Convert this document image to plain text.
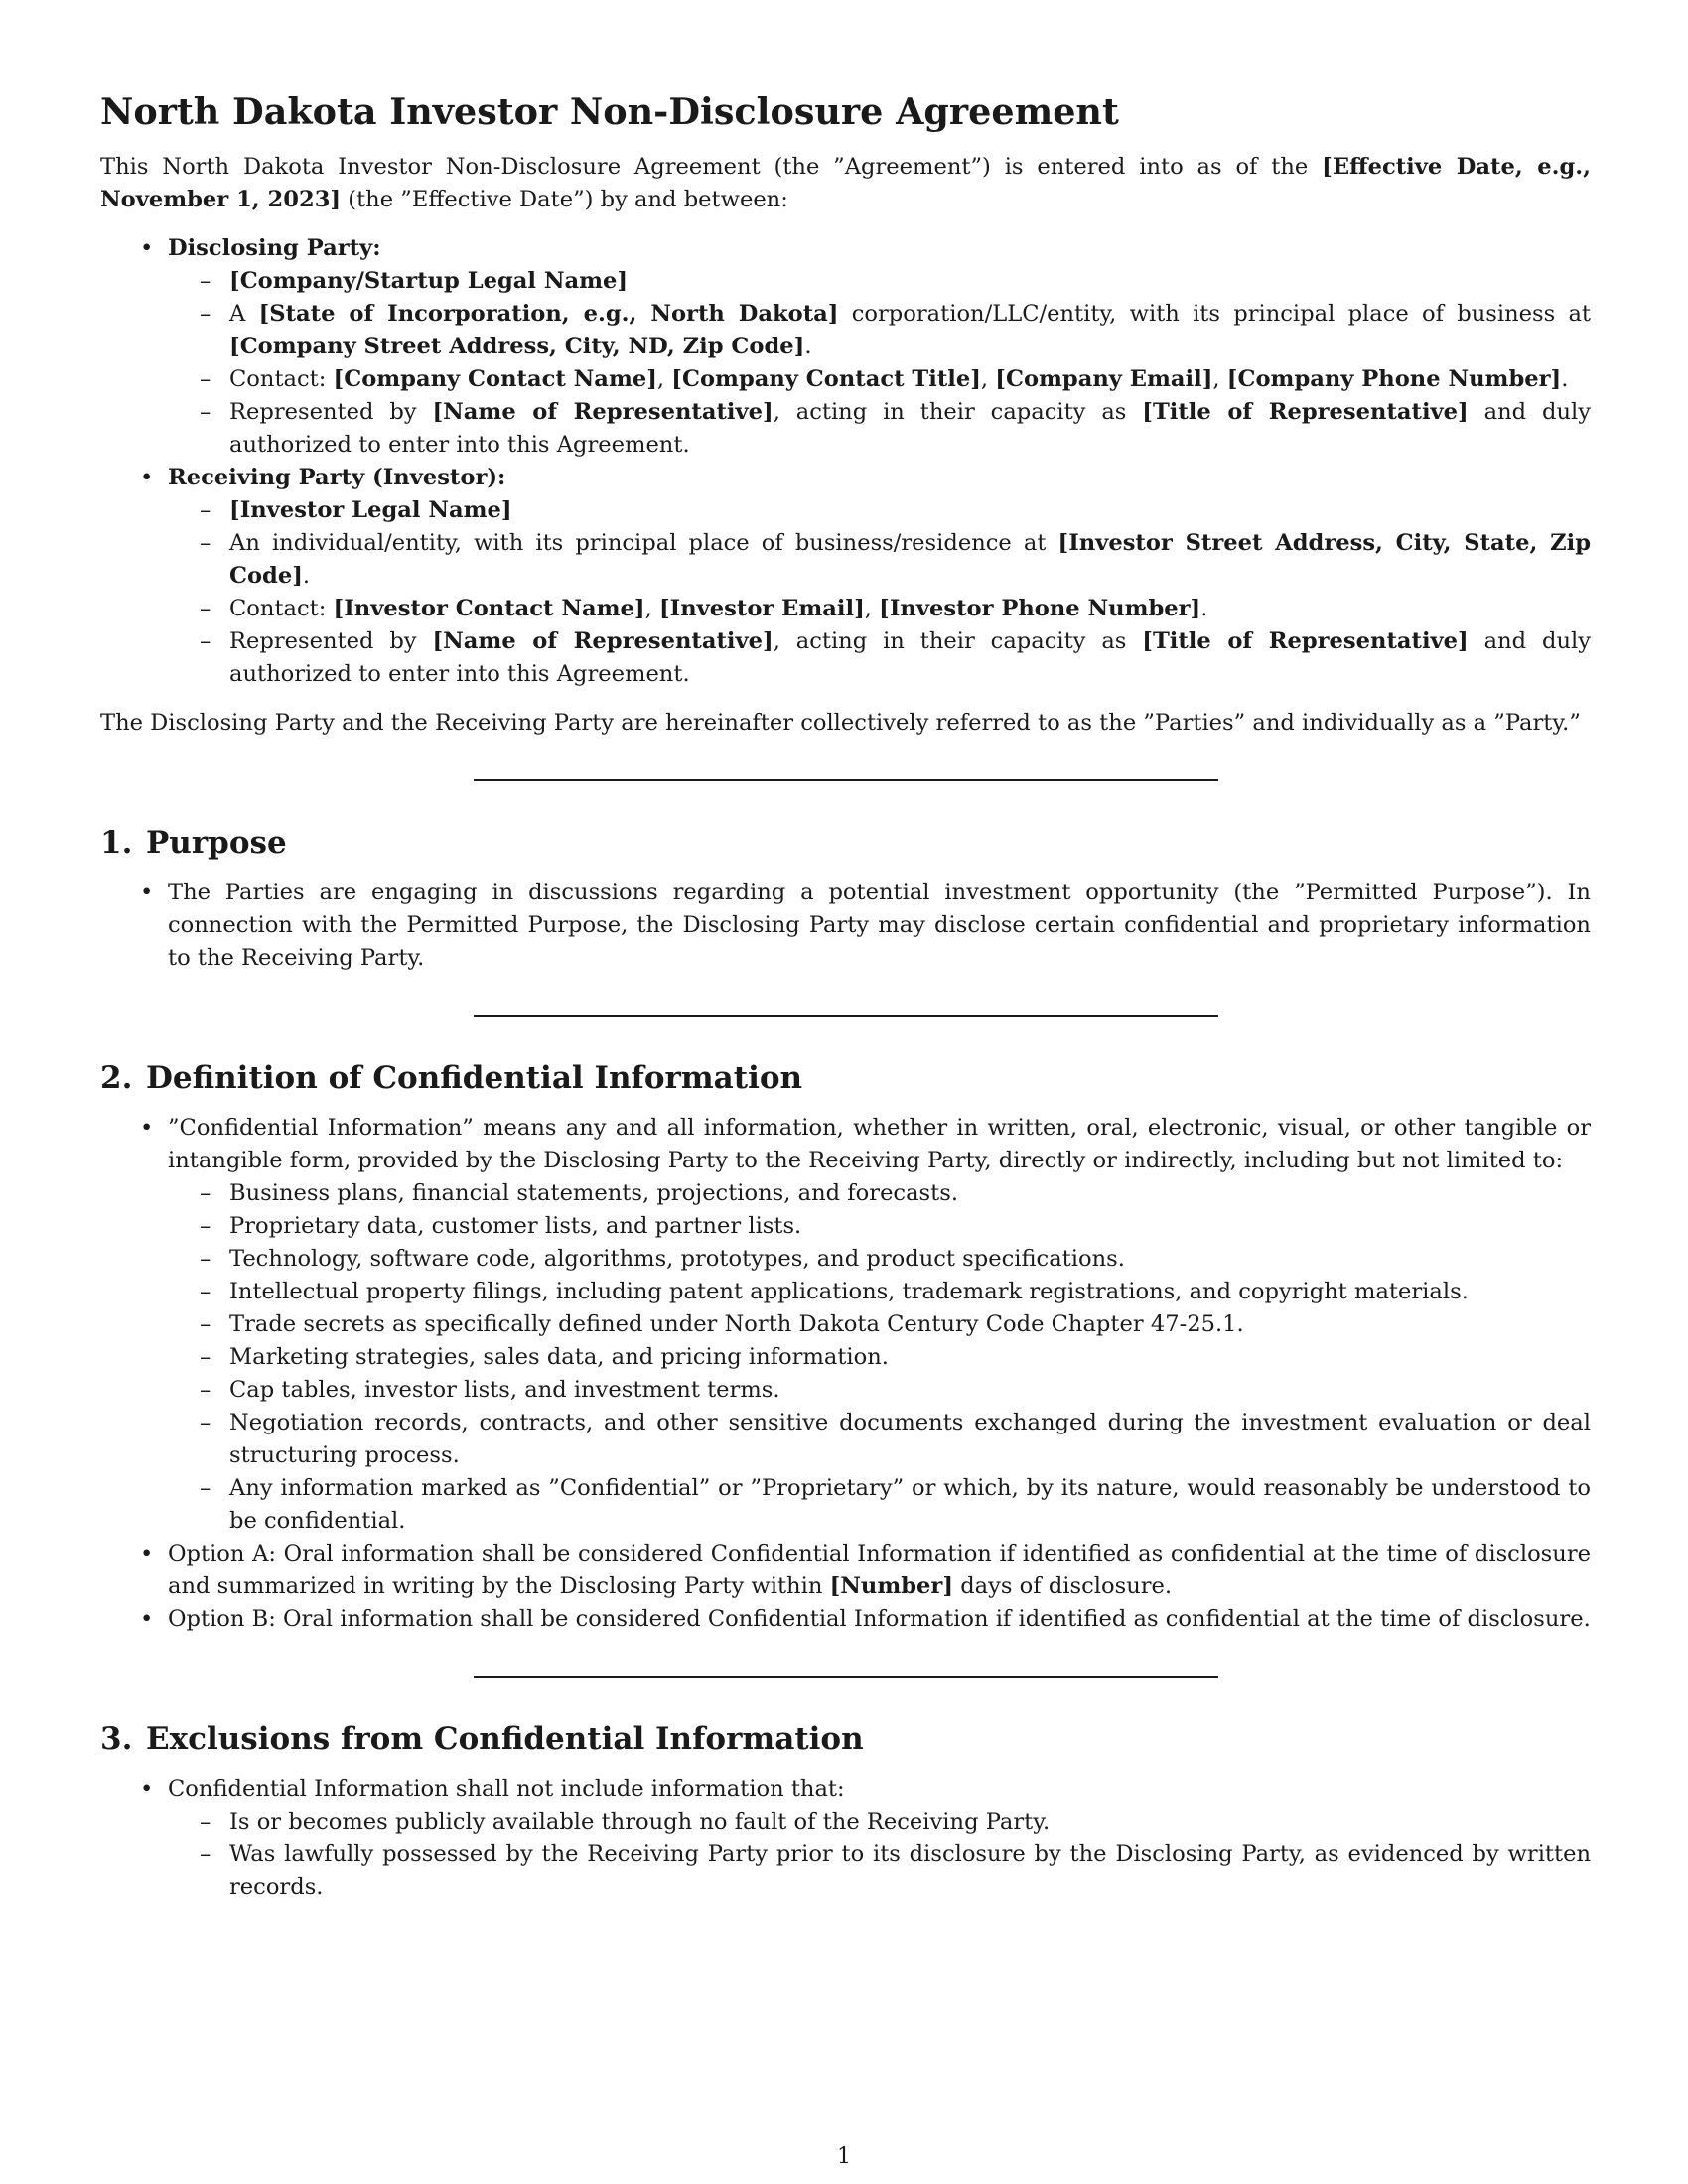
North Dakota Investor Non-Disclosure Agreement

This North Dakota Investor Non-Disclosure Agreement (the ”Agreement”) is entered into as of the [Effective Date, e.g., November 1, 2023] (the ”Effective Date”) by and between:

• Disclosing Party:
– [Company/Startup Legal Name]
– A [State of Incorporation, e.g., North Dakota] corporation/LLC/entity, with its principal place of business at [Company Street Address, City, ND, Zip Code].
– Contact: [Company Contact Name], [Company Contact Title], [Company Email], [Company Phone Number].
– Represented by [Name of Representative], acting in their capacity as [Title of Representative] and duly authorized to enter into this Agreement.
• Receiving Party (Investor):
– [Investor Legal Name]
– An individual/entity, with its principal place of business/residence at [Investor Street Address, City, State, Zip Code].
– Contact: [Investor Contact Name], [Investor Email], [Investor Phone Number].
– Represented by [Name of Representative], acting in their capacity as [Title of Representative] and duly authorized to enter into this Agreement.

The Disclosing Party and the Receiving Party are hereinafter collectively referred to as the ”Parties” and individually as a ”Party.”

1. Purpose
• The Parties are engaging in discussions regarding a potential investment opportunity (the ”Permitted Purpose”). In connection with the Permitted Purpose, the Disclosing Party may disclose certain confidential and proprietary information to the Receiving Party.
2. Definition of Confidential Information
• ”Confidential Information” means any and all information, whether in written, oral, electronic, visual, or other tangible or intangible form, provided by the Disclosing Party to the Receiving Party, directly or indirectly, including but not limited to:
– Business plans, financial statements, projections, and forecasts.
– Proprietary data, customer lists, and partner lists.
– Technology, software code, algorithms, prototypes, and product specifications.
– Intellectual property filings, including patent applications, trademark registrations, and copyright materials.
– Trade secrets as specifically defined under North Dakota Century Code Chapter 47-25.1.
– Marketing strategies, sales data, and pricing information.
– Cap tables, investor lists, and investment terms.
– Negotiation records, contracts, and other sensitive documents exchanged during the investment evaluation or deal structuring process.
– Any information marked as ”Confidential” or ”Proprietary” or which, by its nature, would reasonably be understood to be confidential.
• Option A: Oral information shall be considered Confidential Information if identified as confidential at the time of disclosure and summarized in writing by the Disclosing Party within [Number] days of disclosure.
• Option B: Oral information shall be considered Confidential Information if identified as confidential at the time of disclosure.
3. Exclusions from Confidential Information
• Confidential Information shall not include information that:
– Is or becomes publicly available through no fault of the Receiving Party.
– Was lawfully possessed by the Receiving Party prior to its disclosure by the Disclosing Party, as evidenced by written records.
1
